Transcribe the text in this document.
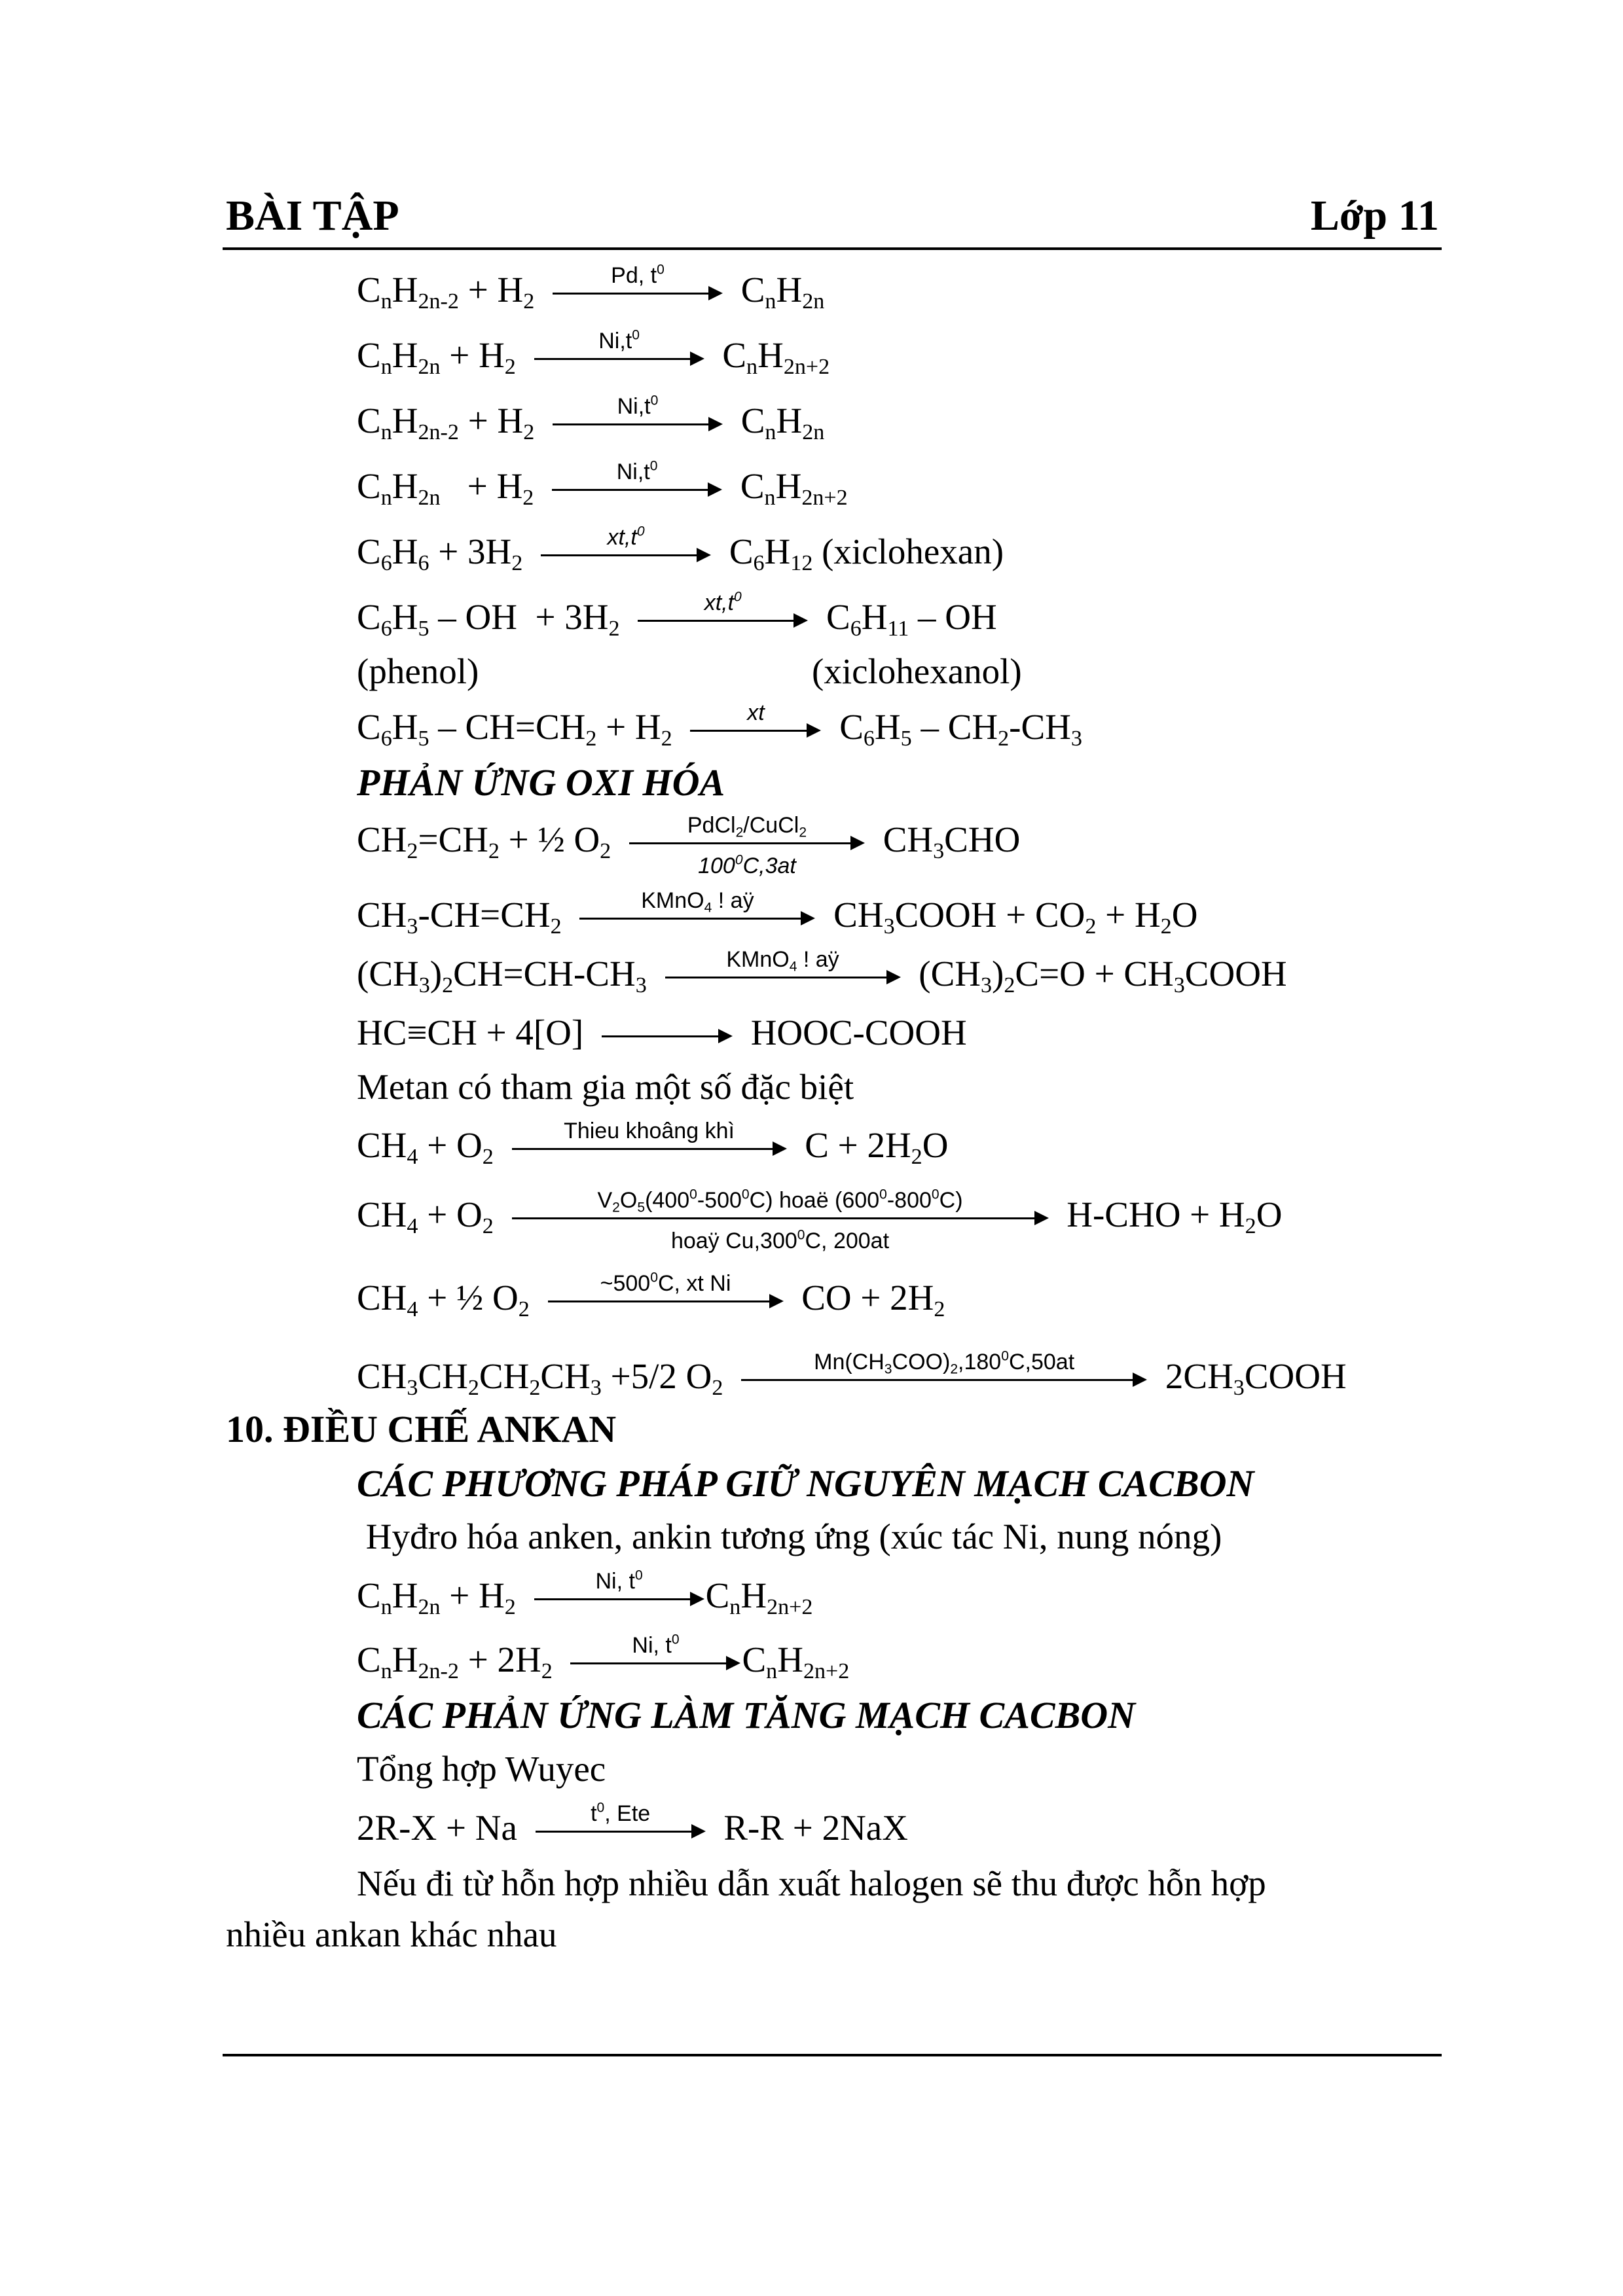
BÀI TẬP	Lớp 11
$C_nH_{2n-2} + H_2$
Pd, $t^0$	$C_nH_{2n}$
$C_nH_{2n} + H_2$
$Ni,t^0$	$C_nH_{2n+2}$
$C_nH_{2n-2} + H_2$
$Ni,t^0$	$C_nH_{2n}$
$C_nH_{2n} + H_2$
$Ni,t^0$	$C_nH_{2n+2}$
$C_6H_6 + 3H_2$
$xt,t^0$	$C_6H_{12}$ (xiclohexan)
$C_6H_5$ – OH  + $3H_2$
$xt,t^0$	$C_6H_{11}$ – OH
(phenol)	(xiclohexanol)
$C_6H_5 - CH=CH_2 + H_2$
xt	$C_6H_5 - CH_2-CH_3$
PHẢN ỨNG OXI HÓA
$CH_2=CH_2$ + ½ $O_2$
PdCl$_2$/CuCl$_2$
$100^0C,3at$
$CH_3CHO$
$CH_3-CH=CH_2$
KMnO$_4$ ! aÿ	$CH_3COOH + CO_2 + H_2O$
$(CH_3)_2CH=CH-CH_3$
KMnO$_4$ ! aÿ	$(CH_3)_2C=O$ + $CH_3COOH$
HC≡CH + 4[O]	HOOC-COOH
Metan có tham gia một số đặc biệt
$CH_4 + O_2$
Thieu khoâng khì	$C + 2H_2O$
$CH_4 + O_2$
$V_2O_5(400^0-500^0C)$ hoaë $(600^0-800^0C)$
hoaÿ Cu,300$^0$C, 200at
$H-CHO + H_2O$
$CH_4$ + ½ $O_2$
$\sim 500^0C$, xt Ni	CO + $2H_2$
$CH_3CH_2CH_2CH_3 +5/2$ $O_2$
$Mn(CH_3COO)_2,180^0C,50at$	$2CH_3COOH$
10. ĐIỀU CHẾ ANKAN
CÁC PHƯƠNG PHÁP GIỮ NGUYÊN MẠCH CACBON
Hyđro hóa anken, ankin tương ứng (xúc tác Ni, nung nóng)
$C_nH_{2n} + H_2$
Ni, $t^0$	$C_nH_{2n+2}$
$C_nH_{2n-2} + 2H_2$
Ni, $t^0$	$C_nH_{2n+2}$
CÁC PHẢN ỨNG LÀM TĂNG MẠCH CACBON
Tổng hợp Wuyec
2R-X + Na	$t^0$, Ete	R-R + 2NaX
Nếu đi từ hỗn hợp nhiều dẫn xuất halogen sẽ thu được hỗn hợp
nhiều ankan khác nhau
